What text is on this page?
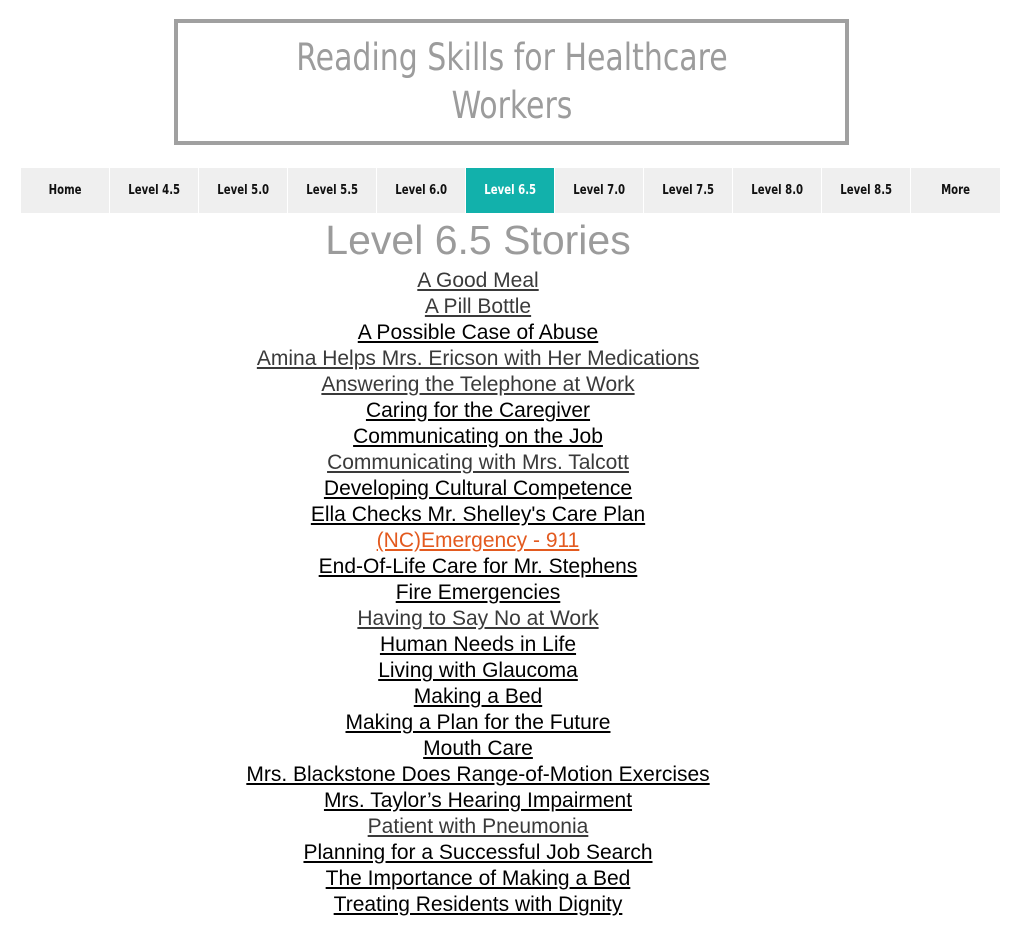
Reading Skills for Healthcare Workers
Home	Level 4.5	Level 5.0	Level 5.5	Level 6.0	Level 6.5	Level 7.0	Level 7.5	Level 8.0	Level 8.5	More
Level 6.5 Stories
A Good Meal
A Pill Bottle
A Possible Case of Abuse
Amina Helps Mrs. Ericson with Her Medications
Answering the Telephone at Work
Caring for the Caregiver
Communicating on the Job
Communicating with Mrs. Talcott
Developing Cultural Competence
Ella Checks Mr. Shelley's Care Plan
(NC)Emergency - 911
End-Of-Life Care for Mr. Stephens
Fire Emergencies
Having to Say No at Work
Human Needs in Life
Living with Glaucoma
Making a Bed
Making a Plan for the Future
Mouth Care
Mrs. Blackstone Does Range-of-Motion Exercises
Mrs. Taylor’s Hearing Impairment
Patient with Pneumonia
Planning for a Successful Job Search
The Importance of Making a Bed
Treating Residents with Dignity
